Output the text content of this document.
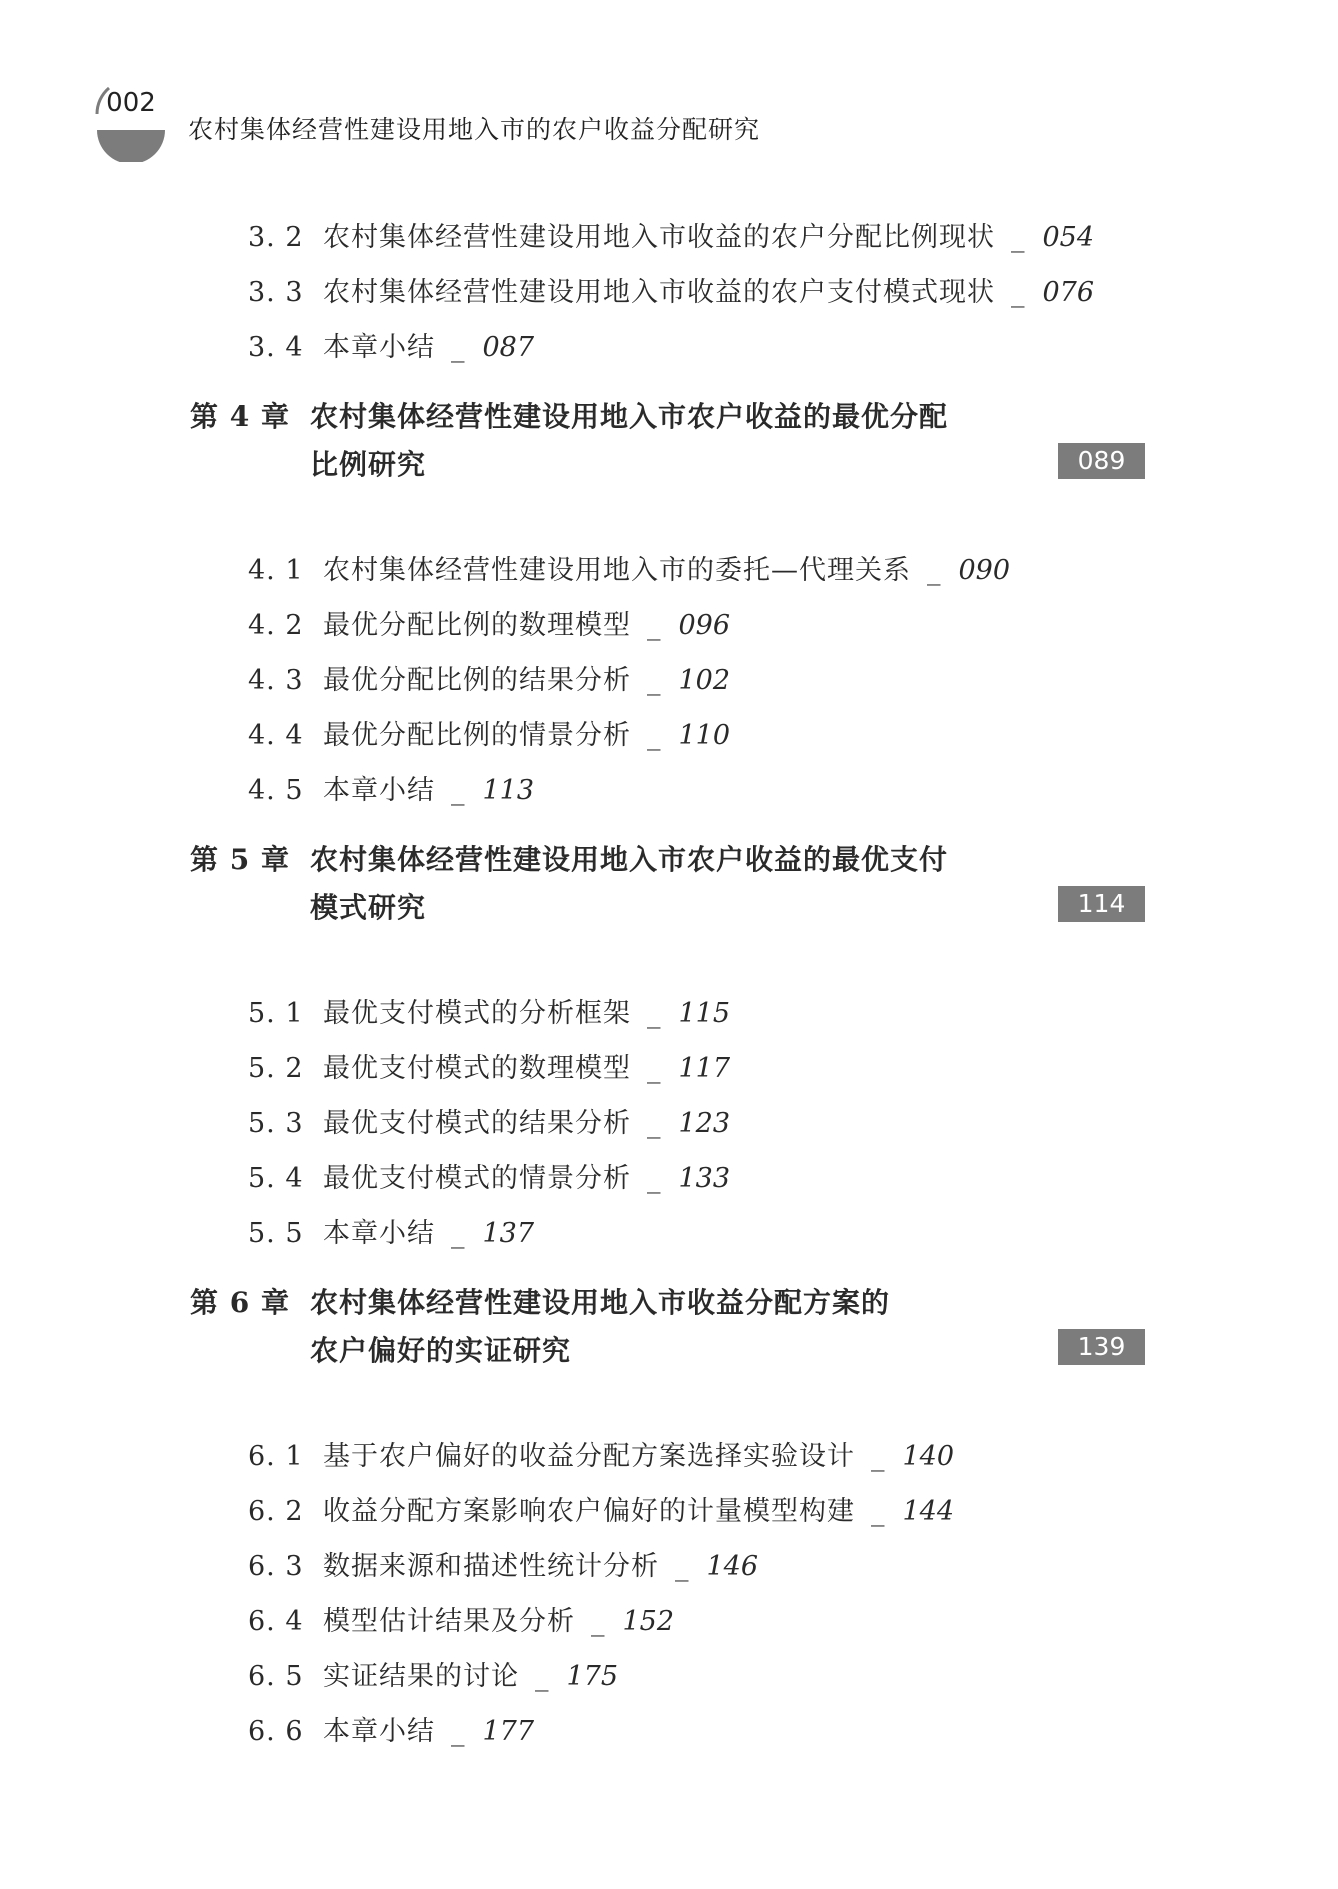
002
农村集体经营性建设用地入市的农户收益分配研究
3. 2 农村集体经营性建设用地入市收益的农户分配比例现状 _ 054
3. 3 农村集体经营性建设用地入市收益的农户支付模式现状 _ 076
3. 4 本章小结 _ 087
第 4 章 农村集体经营性建设用地入市农户收益的最优分配
比例研究	089
4. 1 农村集体经营性建设用地入市的委托—代理关系 _ 090
4. 2 最优分配比例的数理模型 _ 096
4. 3 最优分配比例的结果分析 _ 102
4. 4 最优分配比例的情景分析 _ 110
4. 5 本章小结 _ 113
第 5 章 农村集体经营性建设用地入市农户收益的最优支付
模式研究	114
5. 1 最优支付模式的分析框架 _ 115
5. 2 最优支付模式的数理模型 _ 117
5. 3 最优支付模式的结果分析 _ 123
5. 4 最优支付模式的情景分析 _ 133
5. 5 本章小结 _ 137
第 6 章 农村集体经营性建设用地入市收益分配方案的
农户偏好的实证研究	139
6. 1 基于农户偏好的收益分配方案选择实验设计 _ 140
6. 2 收益分配方案影响农户偏好的计量模型构建 _ 144
6. 3 数据来源和描述性统计分析 _ 146
6. 4 模型估计结果及分析 _ 152
6. 5 实证结果的讨论 _ 175
6. 6 本章小结 _ 177
